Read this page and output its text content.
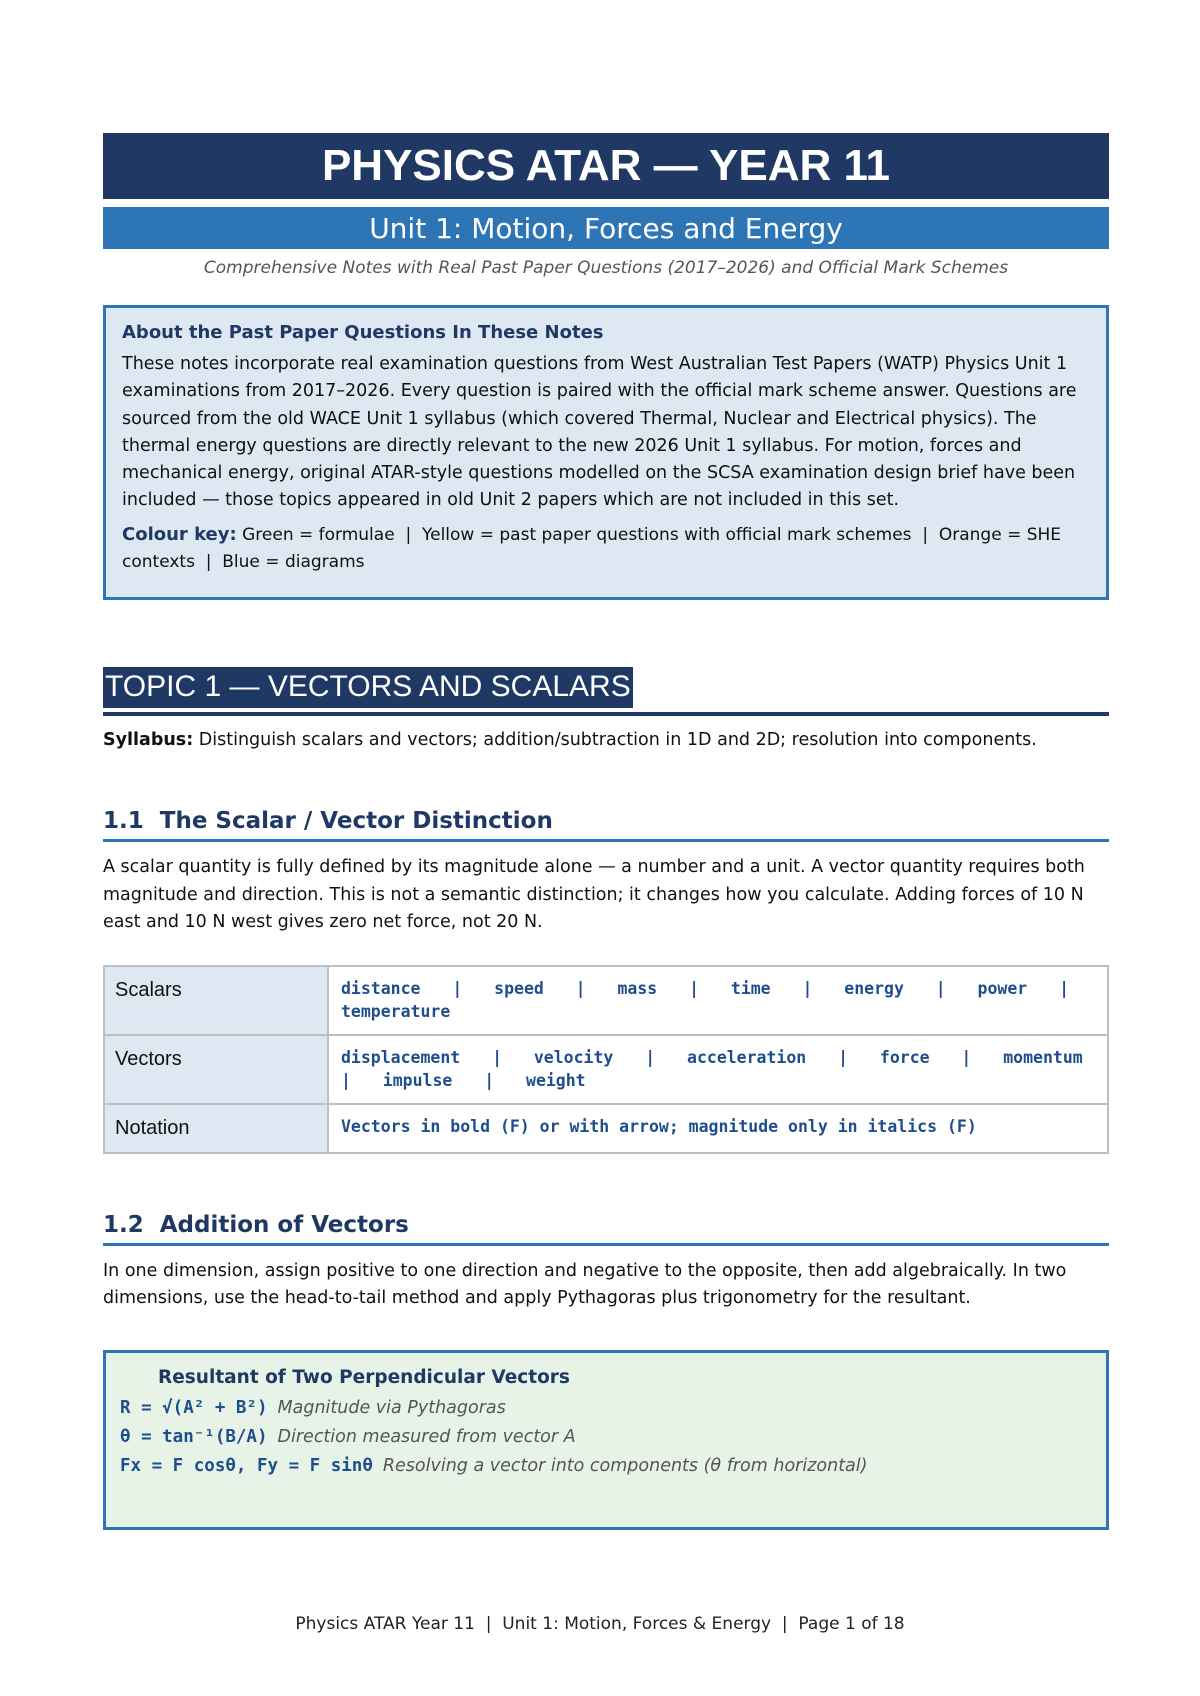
PHYSICS ATAR — YEAR 11
Unit 1: Motion, Forces and Energy
Comprehensive Notes with Real Past Paper Questions (2017–2026) and Official Mark Schemes
About the Past Paper Questions In These Notes
These notes incorporate real examination questions from West Australian Test Papers (WATP) Physics Unit 1 examinations from 2017–2026. Every question is paired with the official mark scheme answer. Questions are sourced from the old WACE Unit 1 syllabus (which covered Thermal, Nuclear and Electrical physics). The thermal energy questions are directly relevant to the new 2026 Unit 1 syllabus. For motion, forces and mechanical energy, original ATAR-style questions modelled on the SCSA examination design brief have been included — those topics appeared in old Unit 2 papers which are not included in this set.
Colour key: Green = formulae  |  Yellow = past paper questions with official mark schemes  |  Orange = SHE contexts  |  Blue = diagrams
TOPIC 1 — VECTORS AND SCALARS
Syllabus: Distinguish scalars and vectors; addition/subtraction in 1D and 2D; resolution into components.
1.1  The Scalar / Vector Distinction
A scalar quantity is fully defined by its magnitude alone — a number and a unit. A vector quantity requires both magnitude and direction. This is not a semantic distinction; it changes how you calculate. Adding forces of 10 N east and 10 N west gives zero net force, not 20 N.
Scalars	distance  |  speed  |  mass  |  time  |  energy  |  power  |  temperature
Vectors	displacement  |  velocity  |  acceleration  |  force  |  momentum  |  impulse  |  weight
Notation	Vectors in bold (F) or with arrow; magnitude only in italics (F)
1.2  Addition of Vectors
In one dimension, assign positive to one direction and negative to the opposite, then add algebraically. In two dimensions, use the head-to-tail method and apply Pythagoras plus trigonometry for the resultant.
Resultant of Two Perpendicular Vectors
R = √(A² + B²) Magnitude via Pythagoras
θ = tan⁻¹(B/A) Direction measured from vector A
Fx = F cosθ, Fy = F sinθ Resolving a vector into components (θ from horizontal)
Physics ATAR Year 11  |  Unit 1: Motion, Forces & Energy  |  Page 1 of 18
